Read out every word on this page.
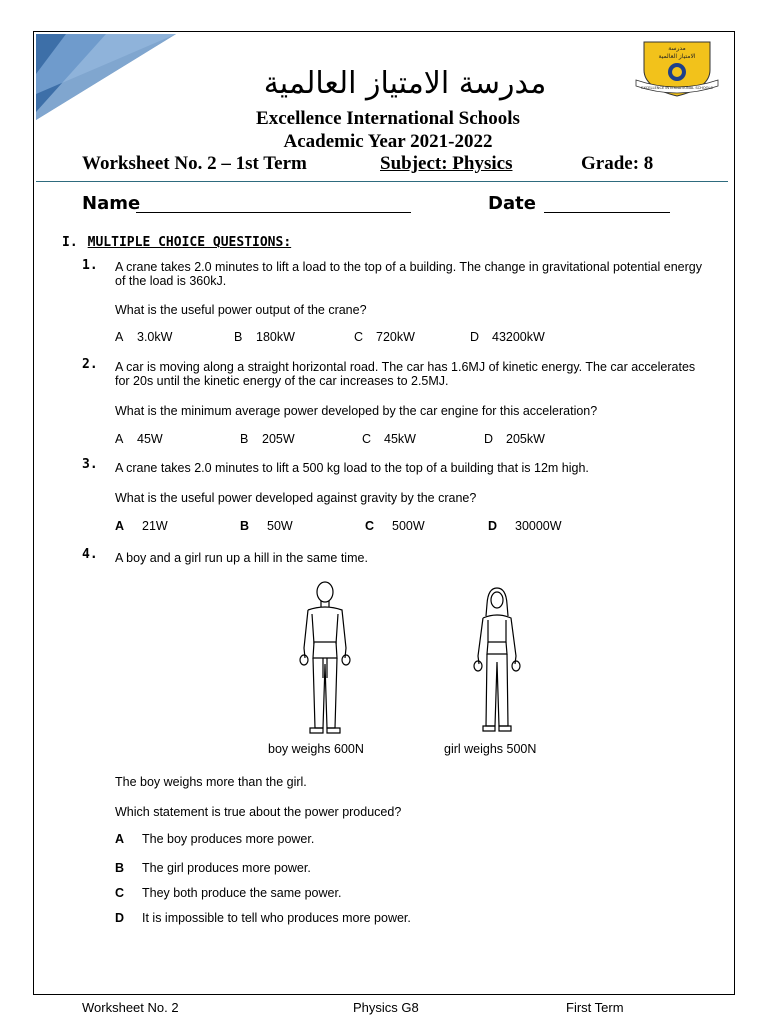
مدرسة الامتياز العالمية
مدرسة
الامتياز العالمية
EXCELLENCE INTERNATIONAL SCHOOLS
Excellence International Schools
Academic Year 2021-2022
Worksheet No. 2 – 1st Term	Subject: Physics	Grade: 8
Name	Date
I. MULTIPLE CHOICE QUESTIONS:
1. A crane takes 2.0 minutes to lift a load to the top of a building. The change in gravitational potential energy of the load is 360kJ.
What is the useful power output of the crane?
A 3.0kW	B 180kW	C 720kW	D 43200kW
2. A car is moving along a straight horizontal road. The car has 1.6MJ of kinetic energy. The car accelerates for 20s until the kinetic energy of the car increases to 2.5MJ.
What is the minimum average power developed by the car engine for this acceleration?
A 45W	B 205W	C 45kW	D 205kW
3. A crane takes 2.0 minutes to lift a 500 kg load to the top of a building that is 12m high.
What is the useful power developed against gravity by the crane?
A 21W	B 50W	C 500W	D 30000W
4. A boy and a girl run up a hill in the same time.
boy weighs 600N	girl weighs 500N
The boy weighs more than the girl.
Which statement is true about the power produced?
A The boy produces more power.
B The girl produces more power.
C They both produce the same power.
D It is impossible to tell who produces more power.
Worksheet No. 2	Physics G8	First Term
